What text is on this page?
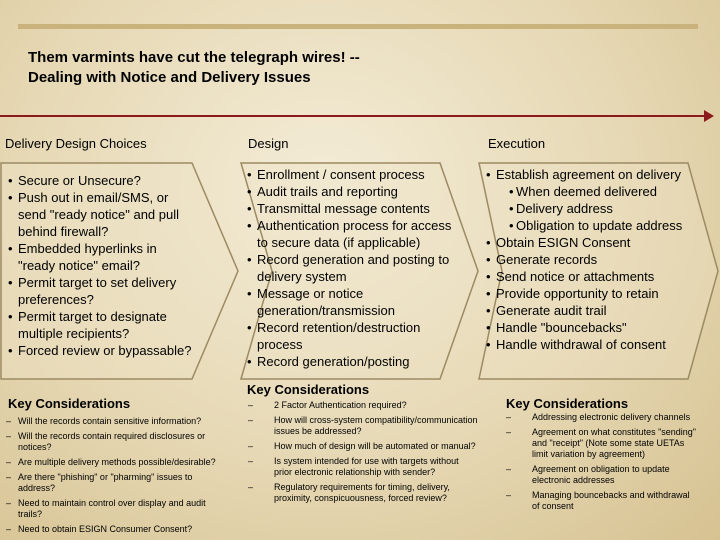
Them varmints have cut the telegraph wires! --
Dealing with Notice and Delivery Issues
Delivery Design Choices	Design	Execution
• Secure or Unsecure?
• Push out in email/SMS, or send "ready notice" and pull behind firewall?
• Embedded hyperlinks in "ready notice" email?
• Permit target to set delivery preferences?
• Permit target to designate multiple recipients?
• Forced review or bypassable?
• Enrollment / consent process
• Audit trails and reporting
• Transmittal message contents
• Authentication process for access to secure data (if applicable)
• Record generation and posting to delivery system
• Message or notice generation/transmission
• Record retention/destruction process
• Record generation/posting
• Establish agreement on delivery
• When deemed delivered
• Delivery address
• Obligation to update address
• Obtain ESIGN Consent
• Generate records
• Send notice or attachments
• Provide opportunity to retain
• Generate audit trail
• Handle "bouncebacks"
• Handle withdrawal of consent
Key Considerations
Key Considerations
Key Considerations
– Will the records contain sensitive information?
– Will the records contain required disclosures or notices?
– Are multiple delivery methods possible/desirable?
– Are there "phishing" or "pharming" issues to address?
– Need to maintain control over display and audit trails?
– Need to obtain ESIGN Consumer Consent?
– 2 Factor Authentication required?
– How will cross-system compatibility/communication issues be addressed?
– How much of design will be automated or manual?
– Is system intended for use with targets without prior electronic relationship with sender?
– Regulatory requirements for timing, delivery, proximity, conspicuousness, forced review?
– Addressing electronic delivery channels
– Agreement on what constitutes "sending" and "receipt" (Note some state UETAs limit variation by agreement)
– Agreement on obligation to update electronic addresses
– Managing bouncebacks and withdrawal of consent
